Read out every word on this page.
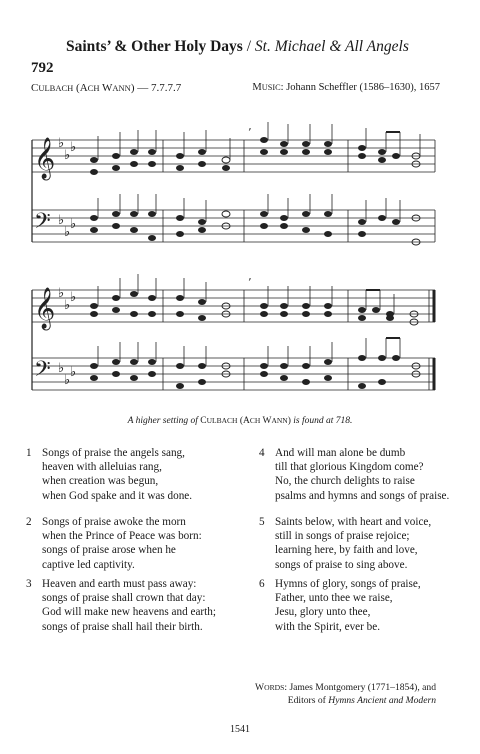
Saints’ & Other Holy Days / St. Michael & All Angels
792
CULBACH (ACH WANN) — 7.7.7.7	MUSIC: Johann Scheffler (1586–1630), 1657
𝄞
𝄢
𝄞
𝄢
♭
♭
♭
♭
♭
♭
♭
♭
♭
♭
♭
♭
’
’
A higher setting of CULBACH (ACH WANN) is found at 718.
1 Songs of praise the angels sang,
heaven with alleluias rang,
when creation was begun,
when God spake and it was done.
2 Songs of praise awoke the morn
when the Prince of Peace was born:
songs of praise arose when he
captive led captivity.
3 Heaven and earth must pass away:
songs of praise shall crown that day:
God will make new heavens and earth;
songs of praise shall hail their birth.
4 And will man alone be dumb
till that glorious Kingdom come?
No, the church delights to raise
psalms and hymns and songs of praise.
5 Saints below, with heart and voice,
still in songs of praise rejoice;
learning here, by faith and love,
songs of praise to sing above.
6 Hymns of glory, songs of praise,
Father, unto thee we raise,
Jesu, glory unto thee,
with the Spirit, ever be.
WORDS: James Montgomery (1771–1854), and
Editors of Hymns Ancient and Modern
1541
